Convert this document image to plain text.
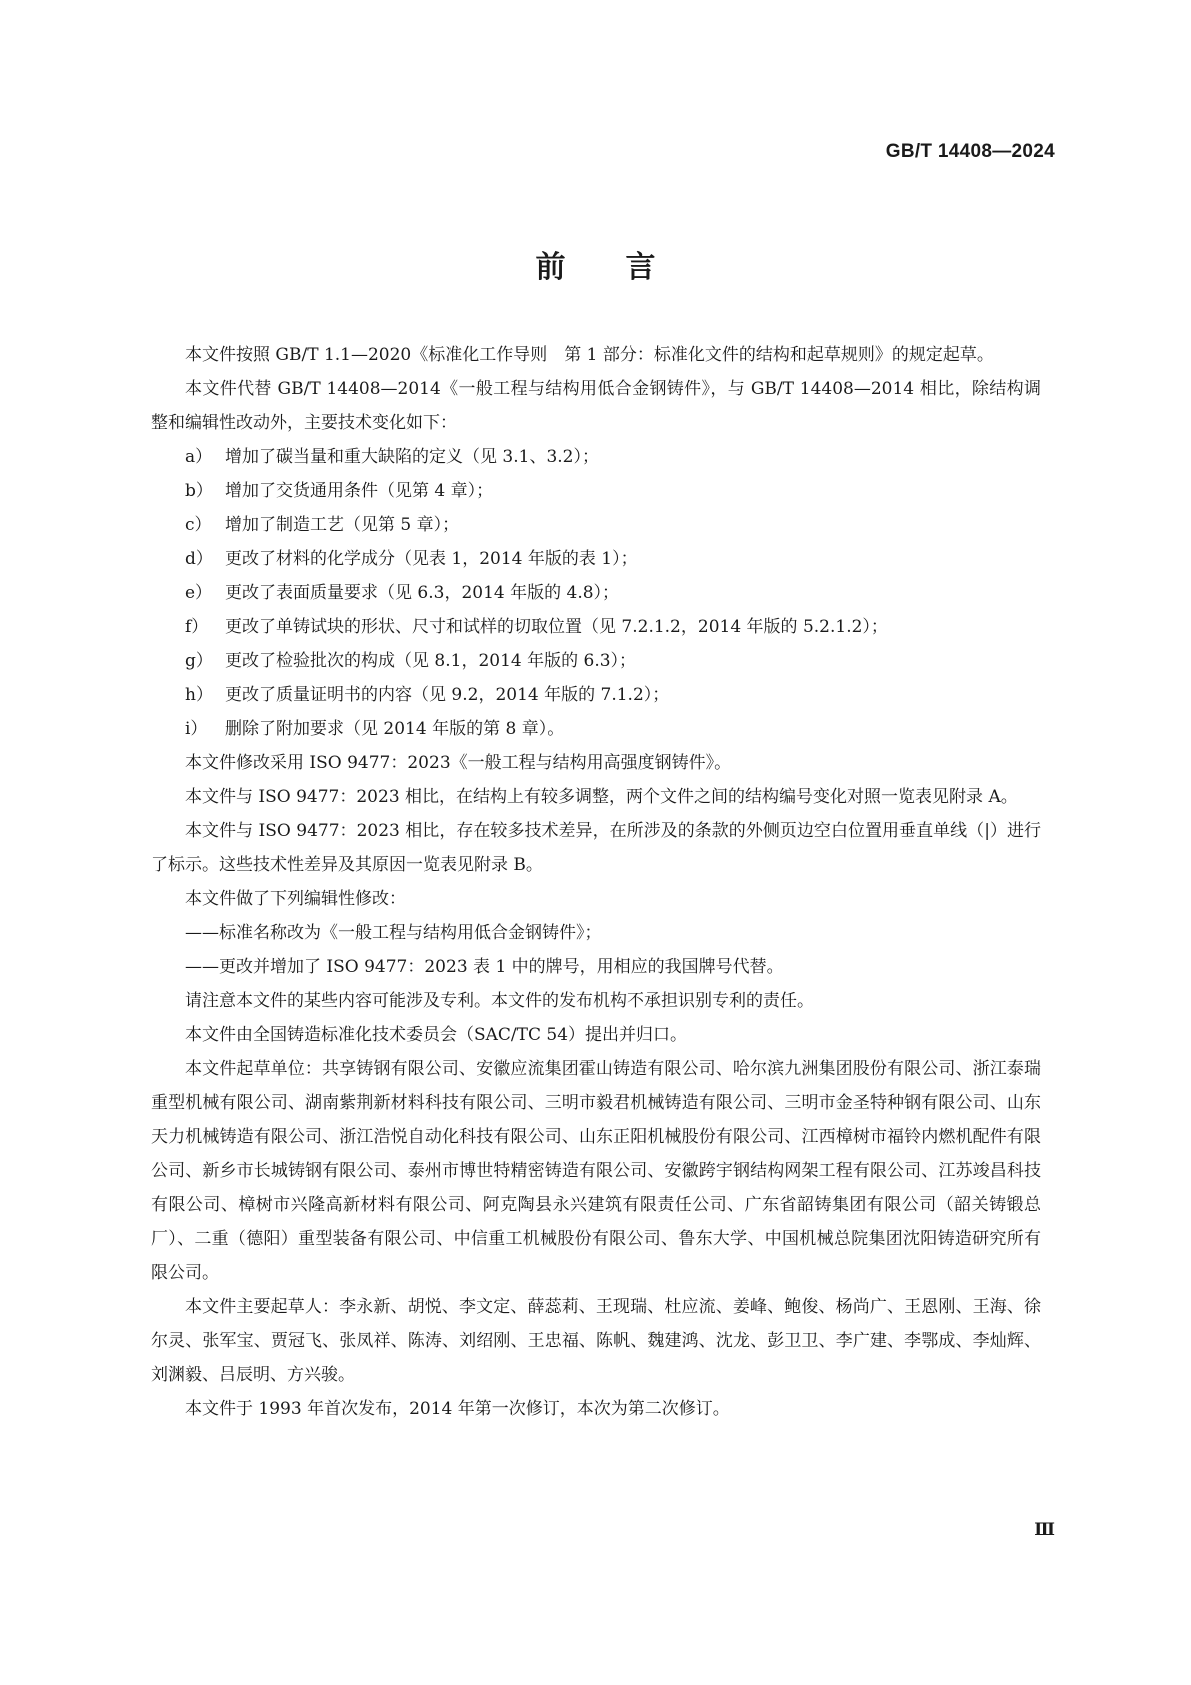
GB/T 14408—2024
前言

本文件按照 GB/T 1.1—2020《标准化工作导则　第 1 部分：标准化文件的结构和起草规则》的规定起草。

本文件代替 GB/T 14408—2014《一般工程与结构用低合金钢铸件》，与 GB/T 14408—2014 相比，除结构调整和编辑性改动外，主要技术变化如下：

a） 增加了碳当量和重大缺陷的定义（见 3.1、3.2）；

b） 增加了交货通用条件（见第 4 章）；

c） 增加了制造工艺（见第 5 章）；

d） 更改了材料的化学成分（见表 1，2014 年版的表 1）；

e） 更改了表面质量要求（见 6.3，2014 年版的 4.8）；

f） 更改了单铸试块的形状、尺寸和试样的切取位置（见 7.2.1.2，2014 年版的 5.2.1.2）；

g） 更改了检验批次的构成（见 8.1，2014 年版的 6.3）；

h） 更改了质量证明书的内容（见 9.2，2014 年版的 7.1.2）；

i） 删除了附加要求（见 2014 年版的第 8 章）。

本文件修改采用 ISO 9477：2023《一般工程与结构用高强度钢铸件》。

本文件与 ISO 9477：2023 相比，在结构上有较多调整，两个文件之间的结构编号变化对照一览表见附录 A。

本文件与 ISO 9477：2023 相比，存在较多技术差异，在所涉及的条款的外侧页边空白位置用垂直单线（|）进行了标示。这些技术性差异及其原因一览表见附录 B。

本文件做了下列编辑性修改：

——标准名称改为《一般工程与结构用低合金钢铸件》；

——更改并增加了 ISO 9477：2023 表 1 中的牌号，用相应的我国牌号代替。

请注意本文件的某些内容可能涉及专利。本文件的发布机构不承担识别专利的责任。

本文件由全国铸造标准化技术委员会（SAC/TC 54）提出并归口。

本文件起草单位：共享铸钢有限公司、安徽应流集团霍山铸造有限公司、哈尔滨九洲集团股份有限公司、浙江泰瑞重型机械有限公司、湖南紫荆新材料科技有限公司、三明市毅君机械铸造有限公司、三明市金圣特种钢有限公司、山东天力机械铸造有限公司、浙江浩悦自动化科技有限公司、山东正阳机械股份有限公司、江西樟树市福铃内燃机配件有限公司、新乡市长城铸钢有限公司、泰州市博世特精密铸造有限公司、安徽跨宇钢结构网架工程有限公司、江苏竣昌科技有限公司、樟树市兴隆高新材料有限公司、阿克陶县永兴建筑有限责任公司、广东省韶铸集团有限公司（韶关铸锻总厂）、二重（德阳）重型装备有限公司、中信重工机械股份有限公司、鲁东大学、中国机械总院集团沈阳铸造研究所有限公司。

本文件主要起草人：李永新、胡悦、李文定、薛蕊莉、王现瑞、杜应流、姜峰、鲍俊、杨尚广、王恩刚、王海、徐尔灵、张军宝、贾冠飞、张凤祥、陈涛、刘绍刚、王忠福、陈帆、魏建鸿、沈龙、彭卫卫、李广建、李鄂成、李灿辉、刘渊毅、吕辰明、方兴骏。

本文件于 1993 年首次发布，2014 年第一次修订，本次为第二次修订。

Ⅲ
